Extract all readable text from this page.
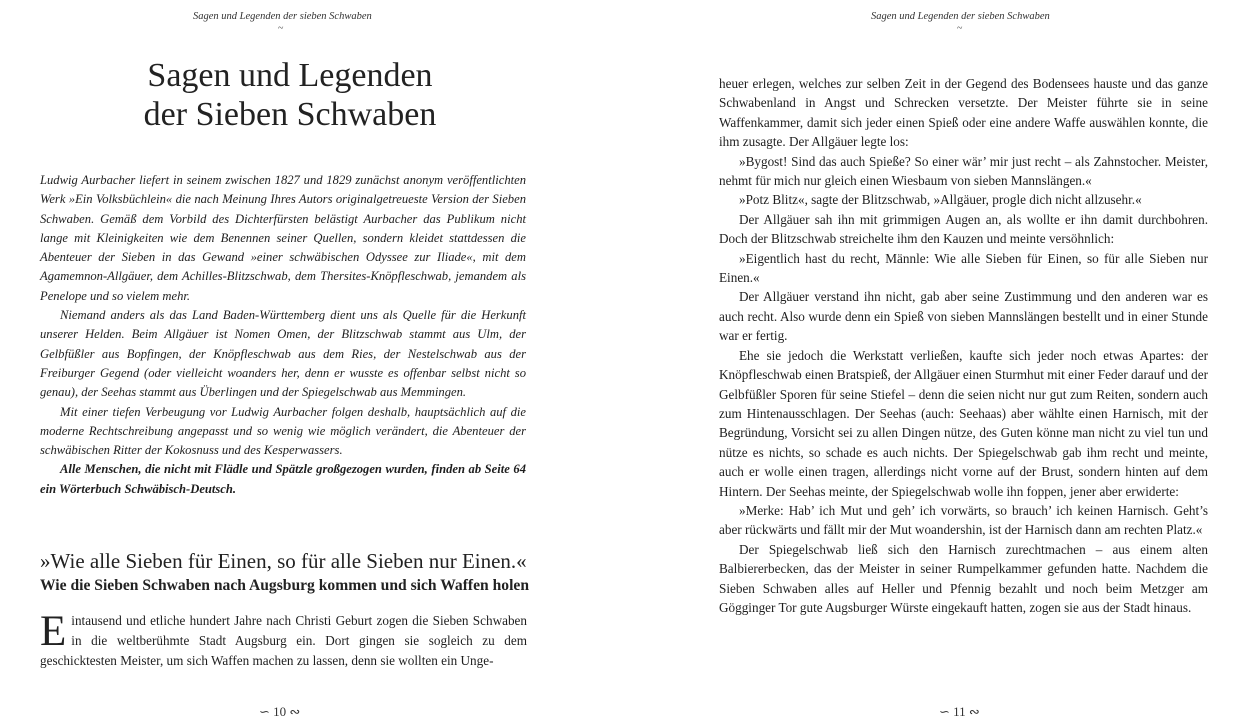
Sagen und Legenden der sieben Schwaben
~
Sagen und Legenden
der Sieben Schwaben

Ludwig Aurbacher liefert in seinem zwischen 1827 und 1829 zunächst anonym veröffentlichten Werk »Ein Volksbüchlein« die nach Meinung Ihres Autors originalgetreueste Version der Sieben Schwaben. Gemäß dem Vorbild des Dichterfürsten belästigt Aurbacher das Publikum nicht lange mit Kleinigkeiten wie dem Benennen seiner Quellen, sondern kleidet stattdessen die Abenteuer der Sieben in das Gewand »einer schwäbischen Odyssee zur Iliade«, mit dem Agamemnon-Allgäuer, dem Achilles-Blitzschwab, dem Thersites-Knöpfleschwab, jemandem als Penelope und so vielem mehr.

Niemand anders als das Land Baden-Württemberg dient uns als Quelle für die Herkunft unserer Helden. Beim Allgäuer ist Nomen Omen, der Blitzschwab stammt aus Ulm, der Gelbfüßler aus Bopfingen, der Knöpfleschwab aus dem Ries, der Nestelschwab aus der Freiburger Gegend (oder vielleicht woanders her, denn er wusste es offenbar selbst nicht so genau), der Seehas stammt aus Überlingen und der Spiegelschwab aus Memmingen.

Mit einer tiefen Verbeugung vor Ludwig Aurbacher folgen deshalb, hauptsächlich auf die moderne Rechtschreibung angepasst und so wenig wie möglich verändert, die Abenteuer der schwäbischen Ritter der Kokosnuss und des Kesperwassers.

Alle Menschen, die nicht mit Flädle und Spätzle großgezogen wurden, finden ab Seite 64 ein Wörterbuch Schwäbisch-Deutsch.

»Wie alle Sieben für Einen, so für alle Sieben nur Einen.«
Wie die Sieben Schwaben nach Augsburg kommen und sich Waffen holen

Eintausend und etliche hundert Jahre nach Christi Geburt zogen die Sieben Schwaben in die weltberühmte Stadt Augsburg ein. Dort gingen sie sogleich zu dem geschicktesten Meister, um sich Waffen machen zu lassen, denn sie wollten ein Unge-

∽ 10 ∾
Sagen und Legenden der sieben Schwaben
~

heuer erlegen, welches zur selben Zeit in der Gegend des Bodensees hauste und das ganze Schwabenland in Angst und Schrecken versetzte. Der Meister führte sie in seine Waffenkammer, damit sich jeder einen Spieß oder eine andere Waffe auswählen konnte, die ihm zusagte. Der Allgäuer legte los:

»Bygost! Sind das auch Spieße? So einer wär’ mir just recht – als Zahnstocher. Meister, nehmt für mich nur gleich einen Wiesbaum von sieben Mannslängen.«

»Potz Blitz«, sagte der Blitzschwab, »Allgäuer, progle dich nicht allzusehr.«

Der Allgäuer sah ihn mit grimmigen Augen an, als wollte er ihn damit durchbohren. Doch der Blitzschwab streichelte ihm den Kauzen und meinte versöhnlich:

»Eigentlich hast du recht, Männle: Wie alle Sieben für Einen, so für alle Sieben nur Einen.«

Der Allgäuer verstand ihn nicht, gab aber seine Zustimmung und den anderen war es auch recht. Also wurde denn ein Spieß von sieben Mannslängen bestellt und in einer Stunde war er fertig.

Ehe sie jedoch die Werkstatt verließen, kaufte sich jeder noch etwas Apartes: der Knöpfleschwab einen Bratspieß, der Allgäuer einen Sturmhut mit einer Feder darauf und der Gelbfüßler Sporen für seine Stiefel – denn die seien nicht nur gut zum Reiten, sondern auch zum Hintenausschlagen. Der Seehas (auch: Seehaas) aber wählte einen Harnisch, mit der Begründung, Vorsicht sei zu allen Dingen nütze, des Guten könne man nicht zu viel tun und nütze es nichts, so schade es auch nichts. Der Spiegelschwab gab ihm recht und meinte, auch er wolle einen tragen, allerdings nicht vorne auf der Brust, sondern hinten auf dem Hintern. Der Seehas meinte, der Spiegelschwab wolle ihn foppen, jener aber erwiderte:

»Merke: Hab’ ich Mut und geh’ ich vorwärts, so brauch’ ich keinen Harnisch. Geht’s aber rückwärts und fällt mir der Mut woandershin, ist der Harnisch dann am rechten Platz.«

Der Spiegelschwab ließ sich den Harnisch zurechtmachen – aus einem alten Balbiererbecken, das der Meister in seiner Rumpelkammer gefunden hatte. Nachdem die Sieben Schwaben alles auf Heller und Pfennig bezahlt und noch beim Metzger am Gögginger Tor gute Augsburger Würste eingekauft hatten, zogen sie aus der Stadt hinaus.

∽ 11 ∾
